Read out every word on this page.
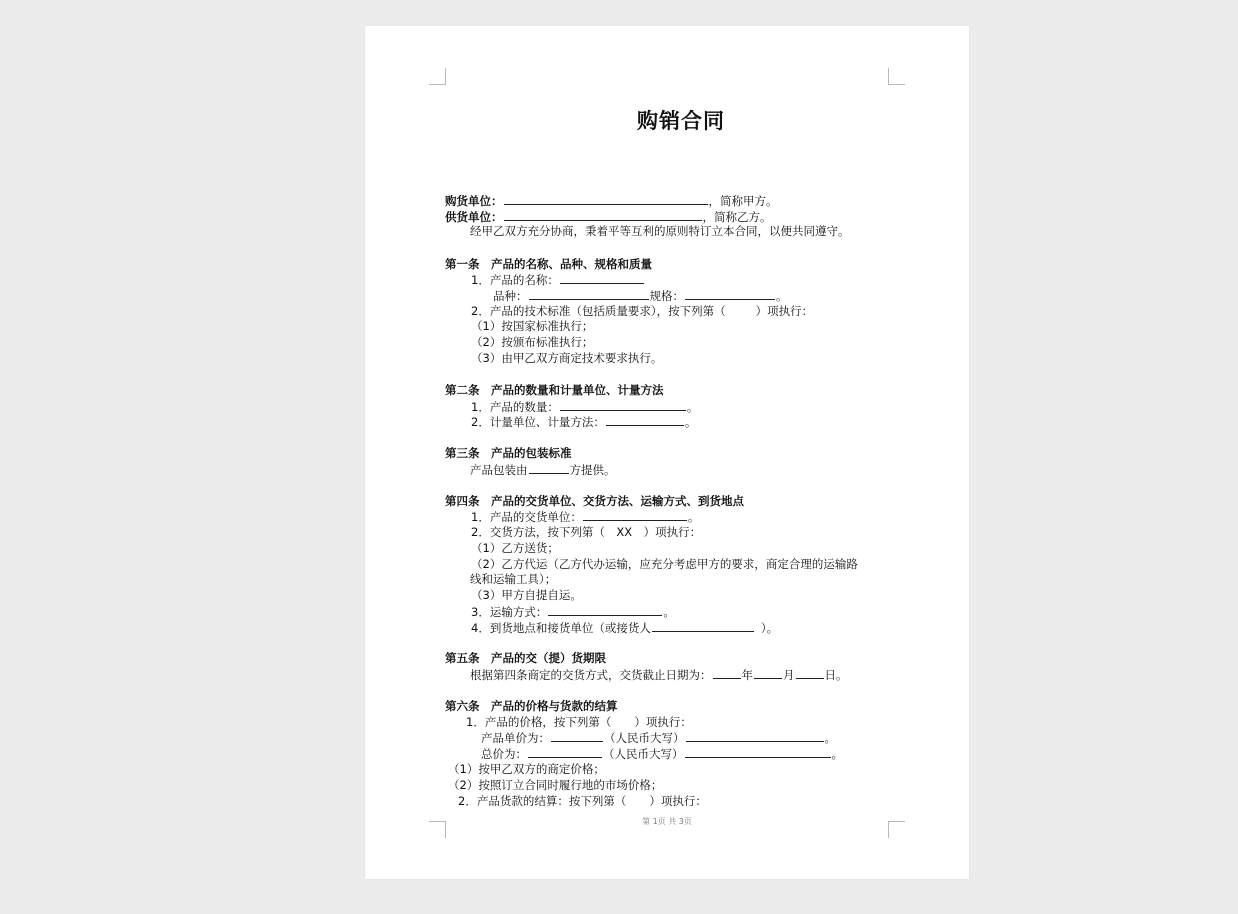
购销合同
购货单位：	，简称甲方。
供货单位：	，简称乙方。
经甲乙双方充分协商，秉着平等互利的原则特订立本合同，以便共同遵守。
第一条　产品的名称、品种、规格和质量
1．产品的名称：
品种：	规格：	。
2．产品的技术标准（包括质量要求），按下列第（	）项执行：
（1）按国家标准执行；
（2）按颁布标准执行；
（3）由甲乙双方商定技术要求执行。
第二条　产品的数量和计量单位、计量方法
1．产品的数量：	。
2．计量单位、计量方法：	。
第三条　产品的包装标准
产品包装由	方提供。
第四条　产品的交货单位、交货方法、运输方式、到货地点
1．产品的交货单位：	。
2．交货方法，按下列第（　XX　）项执行：
（1）乙方送货；
（2）乙方代运（乙方代办运输，应充分考虑甲方的要求，商定合理的运输路
线和运输工具）；
（3）甲方自提自运。
3．运输方式：	。
4．到货地点和接货单位（或接货人	）。
第五条　产品的交（提）货期限
根据第四条商定的交货方式，交货截止日期为：	年	月	日。
第六条　产品的价格与货款的结算
1．产品的价格，按下列第（　　）项执行：
产品单价为：	（人民币大写）	。
总价为：	（人民币大写）	。
（1）按甲乙双方的商定价格；
（2）按照订立合同时履行地的市场价格；
2．产品货款的结算：按下列第（　　）项执行：
第 1页 共 3页
